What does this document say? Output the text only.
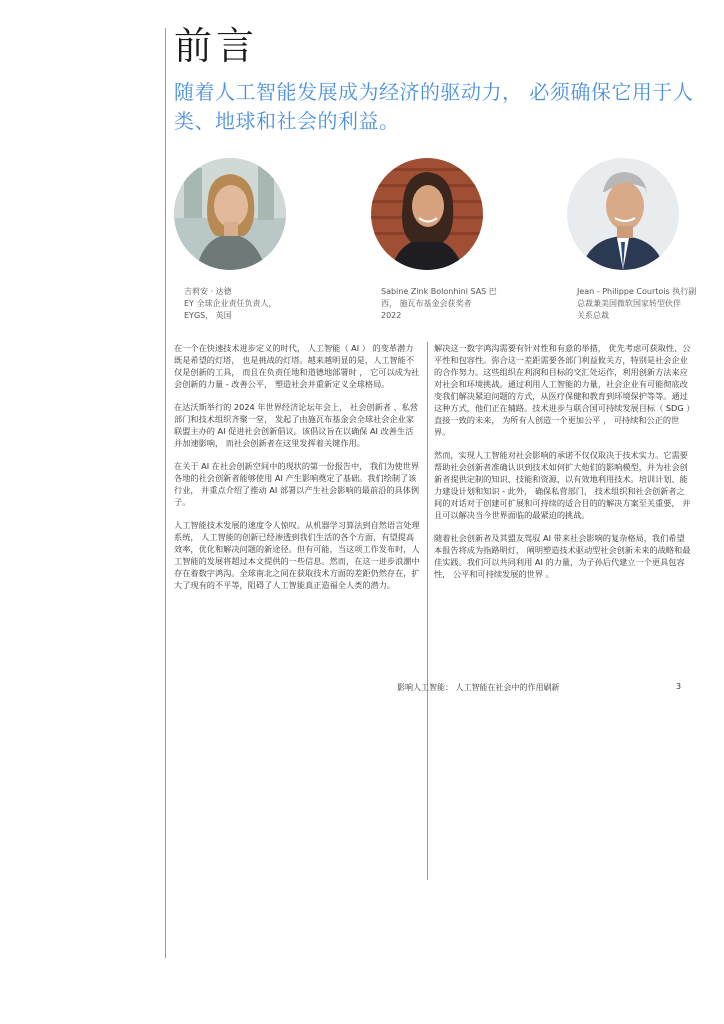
前言
随着人工智能发展成为经济的驱动力， 必须确保它用于人类、地球和社会的利益。
吉莉安 · 达德
EY 全球企业责任负责人，
EYGS， 英国
Sabine Zink Bolonhini SAS 巴
西， 施瓦布基金会获奖者
2022
Jean - Philippe Courtois 执行副
总裁兼美国微软国家转型伙伴
关系总裁

在一个在快速技术进步定义的时代， 人工智能（ AI ） 的变革潜力既是希望的灯塔， 也是挑战的灯塔。越来越明显的是，人工智能不仅是创新的工具， 而且在负责任地和道德地部署时 ， 它可以成为社会创新的力量 - 改善公平， 塑造社会并重新定义全球格局。

在达沃斯举行的 2024 年世界经济论坛年会上， 社会创新者 、私营部门和技术组织齐聚一堂， 发起了由施瓦布基金会全球社会企业家联盟主办的 AI 促进社会创新倡议。该倡议旨在以确保 AI 改善生活并加速影响， 而社会创新者在这里发挥着关键作用。

在关于 AI 在社会创新空间中的现状的第一份报告中， 我们为使世界各地的社会创新者能够使用 AI 产生影响奠定了基础。我们绘制了该行业， 并重点介绍了推动 AI 部署以产生社会影响的最前沿的具体例子。

人工智能技术发展的速度令人惊叹。从机器学习算法到自然语言处理系统， 人工智能的创新已经渗透到我们生活的各个方面，有望提高效率，优化和解决问题的新途径。但有可能，当这项工作发布时，人工智能的发展将超过本文提供的一些信息。然而，在这一进步浪潮中存在着数字鸿沟。全球南北之间在获取技术方面的差距仍然存在，扩大了现有的不平等，阻碍了人工智能真正造福全人类的潜力。

解决这一数字鸿沟需要有针对性和有意的举措， 优先考虑可获取性、公平性和包容性。弥合这一差距需要各部门利益攸关方，特别是社会企业的合作努力。这些组织在利润和目标的交汇处运作，利用创新方法来应对社会和环境挑战。通过利用人工智能的力量，社会企业有可能彻底改变我们解决紧迫问题的方式，从医疗保健和教育到环境保护等等。通过这种方式，他们正在辅路。技术进步与联合国可持续发展目标（ SDG ）直接一致的未来， 为所有人创造一个更加公平 ， 可持续和公正的世界。

然而，实现人工智能对社会影响的承诺不仅仅取决于技术实力。它需要帮助社会创新者准确认识到技术如何扩大他们的影响模型，并为社会创新者提供定制的知识、技能和资源，以有效地利用技术。培训计划、能力建设计划和知识 - 此外， 确保私营部门， 技术组织和社会创新者之间的对话对于创建可扩展和可持续的适合目的的解决方案至关重要， 并且可以解决当今世界面临的最紧迫的挑战。

随着社会创新者及其盟友驾驭 AI 带来社会影响的复杂格局，我们希望本报告将成为指路明灯， 阐明塑造技术驱动型社会创新未来的战略和最佳实践。我们可以共同利用 AI 的力量，为子孙后代建立一个更具包容性， 公平和可持续发展的世界 。

影响人工智能： 人工智能在社会中的作用刷新	3
